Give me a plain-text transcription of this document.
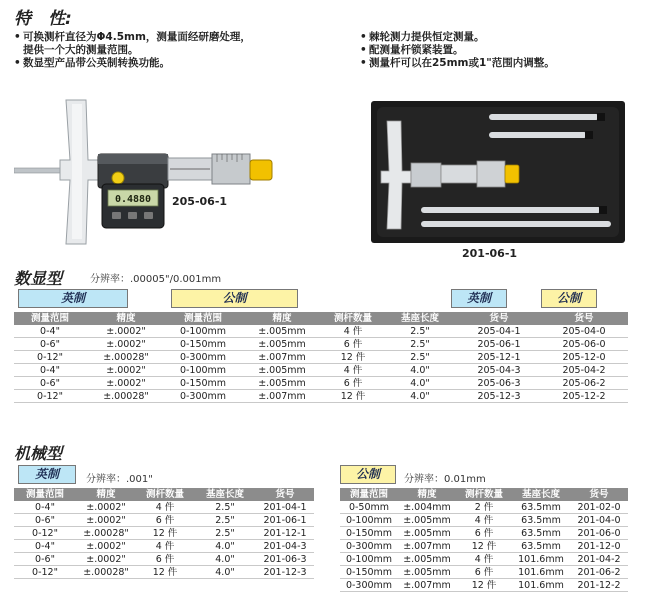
特　性:
• 可换测杆直径为Φ4.5mm，测量面经研磨处理，
提供一个大的测量范围。
• 数显型产品带公英制转换功能。
• 棘轮测力提供恒定测量。
• 配测量杆锁紧装置。
• 测量杆可以在25mm或1"范围内调整。
0.4880	205-06-1
201-06-1
数显型	分辨率：.00005"/0.001mm
英制	公制	英制	公制
测量范围	精度	测量范围	精度	测杆数量	基座长度	货号	货号
0-4"	±.0002"	0-100mm	±.005mm	4 件	2.5"	205-04-1	205-04-0
0-6"	±.0002"	0-150mm	±.005mm	6 件	2.5"	205-06-1	205-06-0
0-12"	±.00028"	0-300mm	±.007mm	12 件	2.5"	205-12-1	205-12-0
0-4"	±.0002"	0-100mm	±.005mm	4 件	4.0"	205-04-3	205-04-2
0-6"	±.0002"	0-150mm	±.005mm	6 件	4.0"	205-06-3	205-06-2
0-12"	±.00028"	0-300mm	±.007mm	12 件	4.0"	205-12-3	205-12-2
机械型
英制	分辨率：.001"	公制	分辨率：0.01mm
测量范围	精度	测杆数量	基座长度	货号
0-4"	±.0002"	4 件	2.5"	201-04-1
0-6"	±.0002"	6 件	2.5"	201-06-1
0-12"	±.00028"	12 件	2.5"	201-12-1
0-4"	±.0002"	4 件	4.0"	201-04-3
0-6"	±.0002"	6 件	4.0"	201-06-3
0-12"	±.00028"	12 件	4.0"	201-12-3
测量范围	精度	测杆数量	基座长度	货号
0-50mm	±.004mm	2 件	63.5mm	201-02-0
0-100mm	±.005mm	4 件	63.5mm	201-04-0
0-150mm	±.005mm	6 件	63.5mm	201-06-0
0-300mm	±.007mm	12 件	63.5mm	201-12-0
0-100mm	±.005mm	4 件	101.6mm	201-04-2
0-150mm	±.005mm	6 件	101.6mm	201-06-2
0-300mm	±.007mm	12 件	101.6mm	201-12-2
